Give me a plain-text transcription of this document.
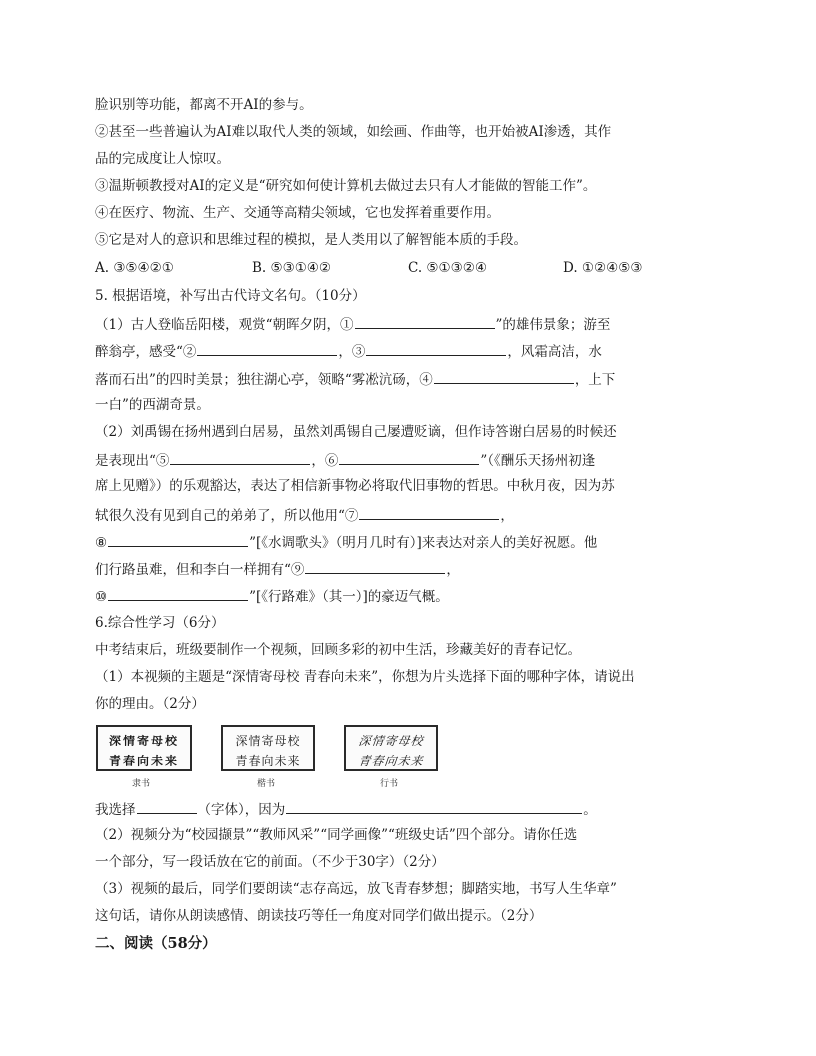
脸识别等功能，都离不开AI的参与。
②甚至一些普遍认为AI难以取代人类的领域，如绘画、作曲等，也开始被AI渗透，其作
品的完成度让人惊叹。
③温斯顿教授对AI的定义是“研究如何使计算机去做过去只有人才能做的智能工作”。
④在医疗、物流、生产、交通等高精尖领域，它也发挥着重要作用。
⑤它是对人的意识和思维过程的模拟，是人类用以了解智能本质的手段。
A. ③⑤④②①	B. ⑤③①④②	C. ⑤①③②④	D. ①②④⑤③
5. 根据语境，补写出古代诗文名句。（10分）
（1）古人登临岳阳楼，观赏“朝晖夕阴，①	”的雄伟景象；游至
醉翁亭，感受“②	，③	，风霜高洁，水
落而石出”的四时美景；独往湖心亭，领略“雾凇沆砀，④	，上下
一白”的西湖奇景。
（2）刘禹锡在扬州遇到白居易，虽然刘禹锡自己屡遭贬谪，但作诗答谢白居易的时候还
是表现出“⑤	，⑥	”（《酬乐天扬州初逢
席上见赠》）的乐观豁达，表达了相信新事物必将取代旧事物的哲思。中秋月夜，因为苏
轼很久没有见到自己的弟弟了，所以他用“⑦	，
⑧	”[《水调歌头》（明月几时有）]来表达对亲人的美好祝愿。他
们行路虽难，但和李白一样拥有“⑨	，
⑩	”[《行路难》（其一）]的豪迈气概。
6.综合性学习（6分）
中考结束后，班级要制作一个视频，回顾多彩的初中生活，珍藏美好的青春记忆。
（1）本视频的主题是“深情寄母校 青春向未来”，你想为片头选择下面的哪种字体，请说出
你的理由。（2分）
深情寄母校
青春向未来
隶书
深情寄母校
青春向未来
楷书
深情寄母校
青春向未来
行书
我选择	（字体），因为	。
（2）视频分为“校园撷景”“教师风采”“同学画像”“班级史话”四个部分。请你任选
一个部分，写一段话放在它的前面。（不少于30字）（2分）
（3）视频的最后，同学们要朗读“志存高远，放飞青春梦想；脚踏实地，书写人生华章”
这句话，请你从朗读感情、朗读技巧等任一角度对同学们做出提示。（2分）
二、阅读（58分）
